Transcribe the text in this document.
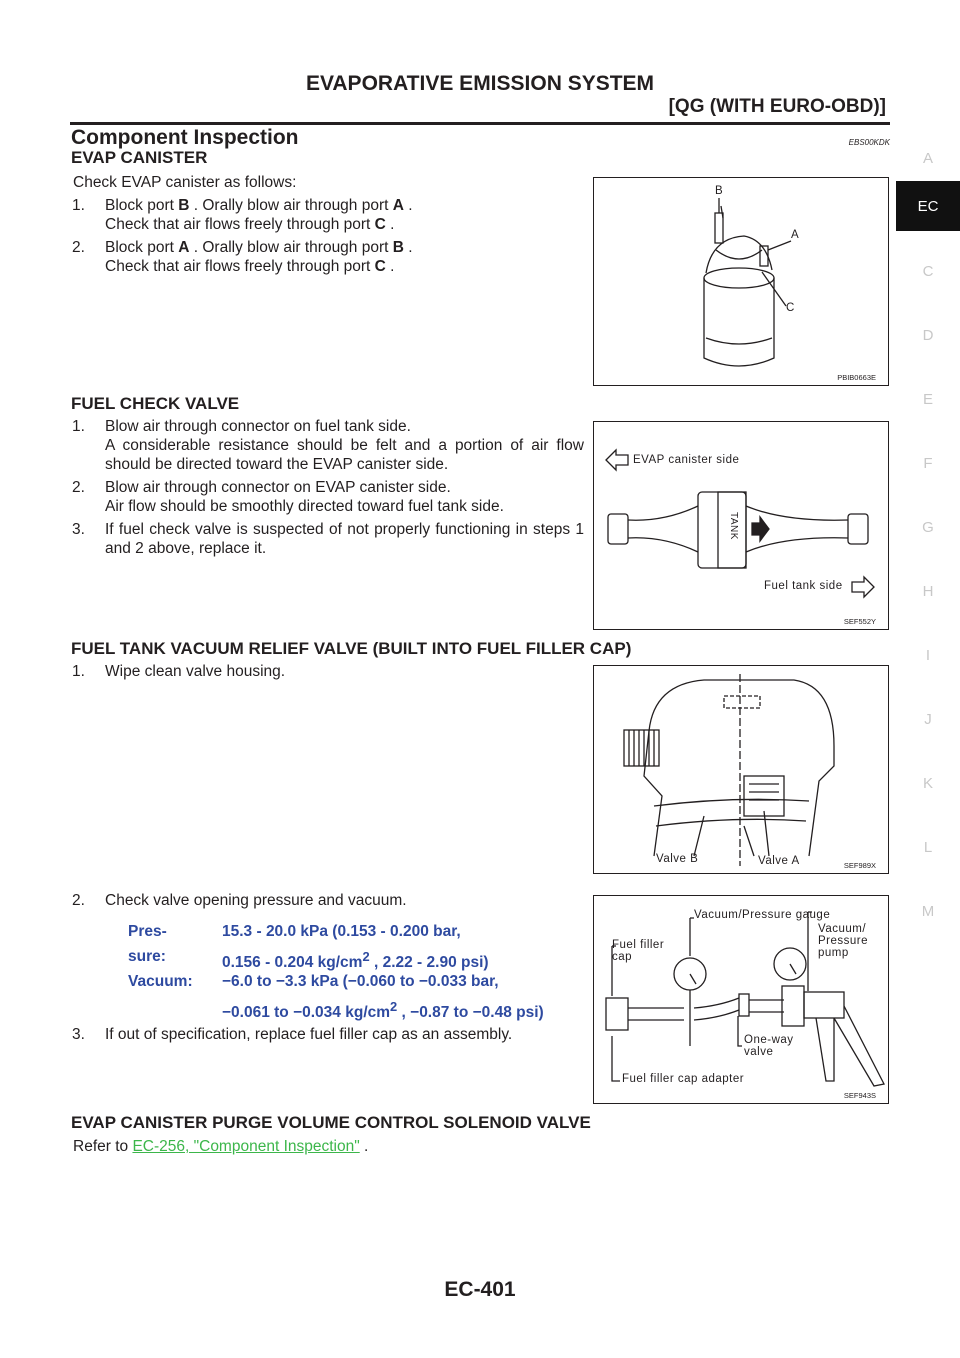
EVAPORATIVE EMISSION SYSTEM
[QG (WITH EURO-OBD)]
Component Inspection	EBS00KDK
A
EC
C
D
E
F
G
H
I
J
K
L
M
EVAP CANISTER
Check EVAP canister as follows:
1.	Block port B . Orally blow air through port A .
Check that air flows freely through port C .
2.	Block port A . Orally blow air through port B .
Check that air flows freely through port C .
B
A
C
PBIB0663E
FUEL CHECK VALVE
1.	Blow air through connector on fuel tank side.
A considerable resistance should be felt and a portion of air flow should be directed toward the EVAP canister side.
2.	Blow air through connector on EVAP canister side.
Air flow should be smoothly directed toward fuel tank side.
3.	If fuel check valve is suspected of not properly functioning in steps 1 and 2 above, replace it.
EVAP canister side
Fuel tank side
TANK
SEF552Y
FUEL TANK VACUUM RELIEF VALVE (BUILT INTO FUEL FILLER CAP)
1.	Wipe clean valve housing.
Valve B	Valve A	SEF989X
2.	Check valve opening pressure and vacuum.
Pres-
sure:
15.3 - 20.0 kPa (0.153 - 0.200 bar,
0.156 - 0.204 $kg/cm^2$ , 2.22 - 2.90 psi)
Vacuum: −6.0 to −3.3 kPa (−0.060 to −0.033 bar,
−0.061 to −0.034 $kg/cm^2$ , −0.87 to −0.48 psi)
3.	If out of specification, replace fuel filler cap as an assembly.
Vacuum/Pressure gauge
Vacuum/
Pressure
pump
Fuel filler
cap
One-way
valve
Fuel filler cap adapter
SEF943S
EVAP CANISTER PURGE VOLUME CONTROL SOLENOID VALVE
Refer to EC-256, "Component Inspection" .
EC-401
